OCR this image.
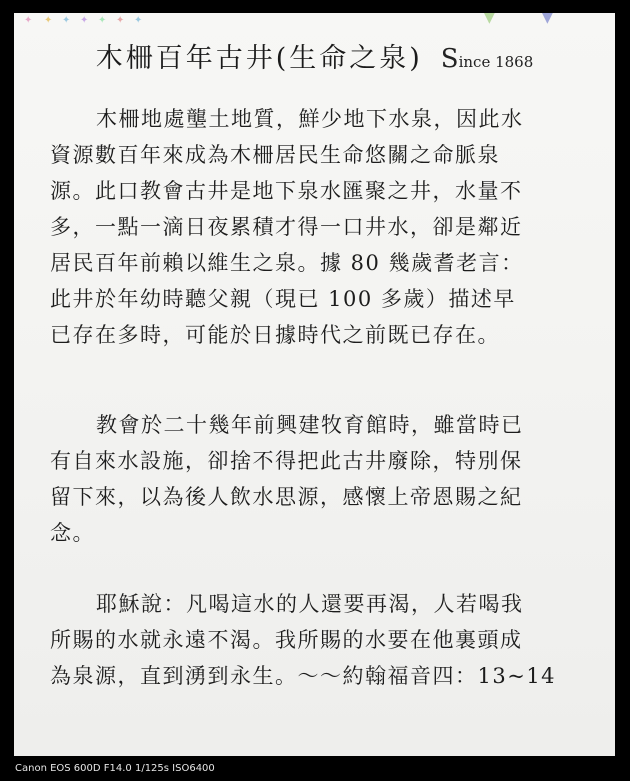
✦ ✦ ✦ ✦ ✦ ✦ ✦	▼	▼
木柵百年古井(生命之泉) Since 1868
木柵地處壟土地質，鮮少地下水泉，因此水
資源數百年來成為木柵居民生命悠關之命脈泉
源。此口教會古井是地下泉水匯聚之井，水量不
多，一點一滴日夜累積才得一口井水，卻是鄰近
居民百年前賴以維生之泉。據 80 幾歲耆老言：
此井於年幼時聽父親（現已 100 多歲）描述早
已存在多時，可能於日據時代之前既已存在。
教會於二十幾年前興建牧育館時，雖當時已
有自來水設施，卻捨不得把此古井廢除，特別保
留下來，以為後人飲水思源，感懷上帝恩賜之紀
念。
耶穌說：凡喝這水的人還要再渴，人若喝我
所賜的水就永遠不渴。我所賜的水要在他裏頭成
為泉源，直到湧到永生。～～約翰福音四：13~14
Canon EOS 600D F14.0 1/125s ISO6400
